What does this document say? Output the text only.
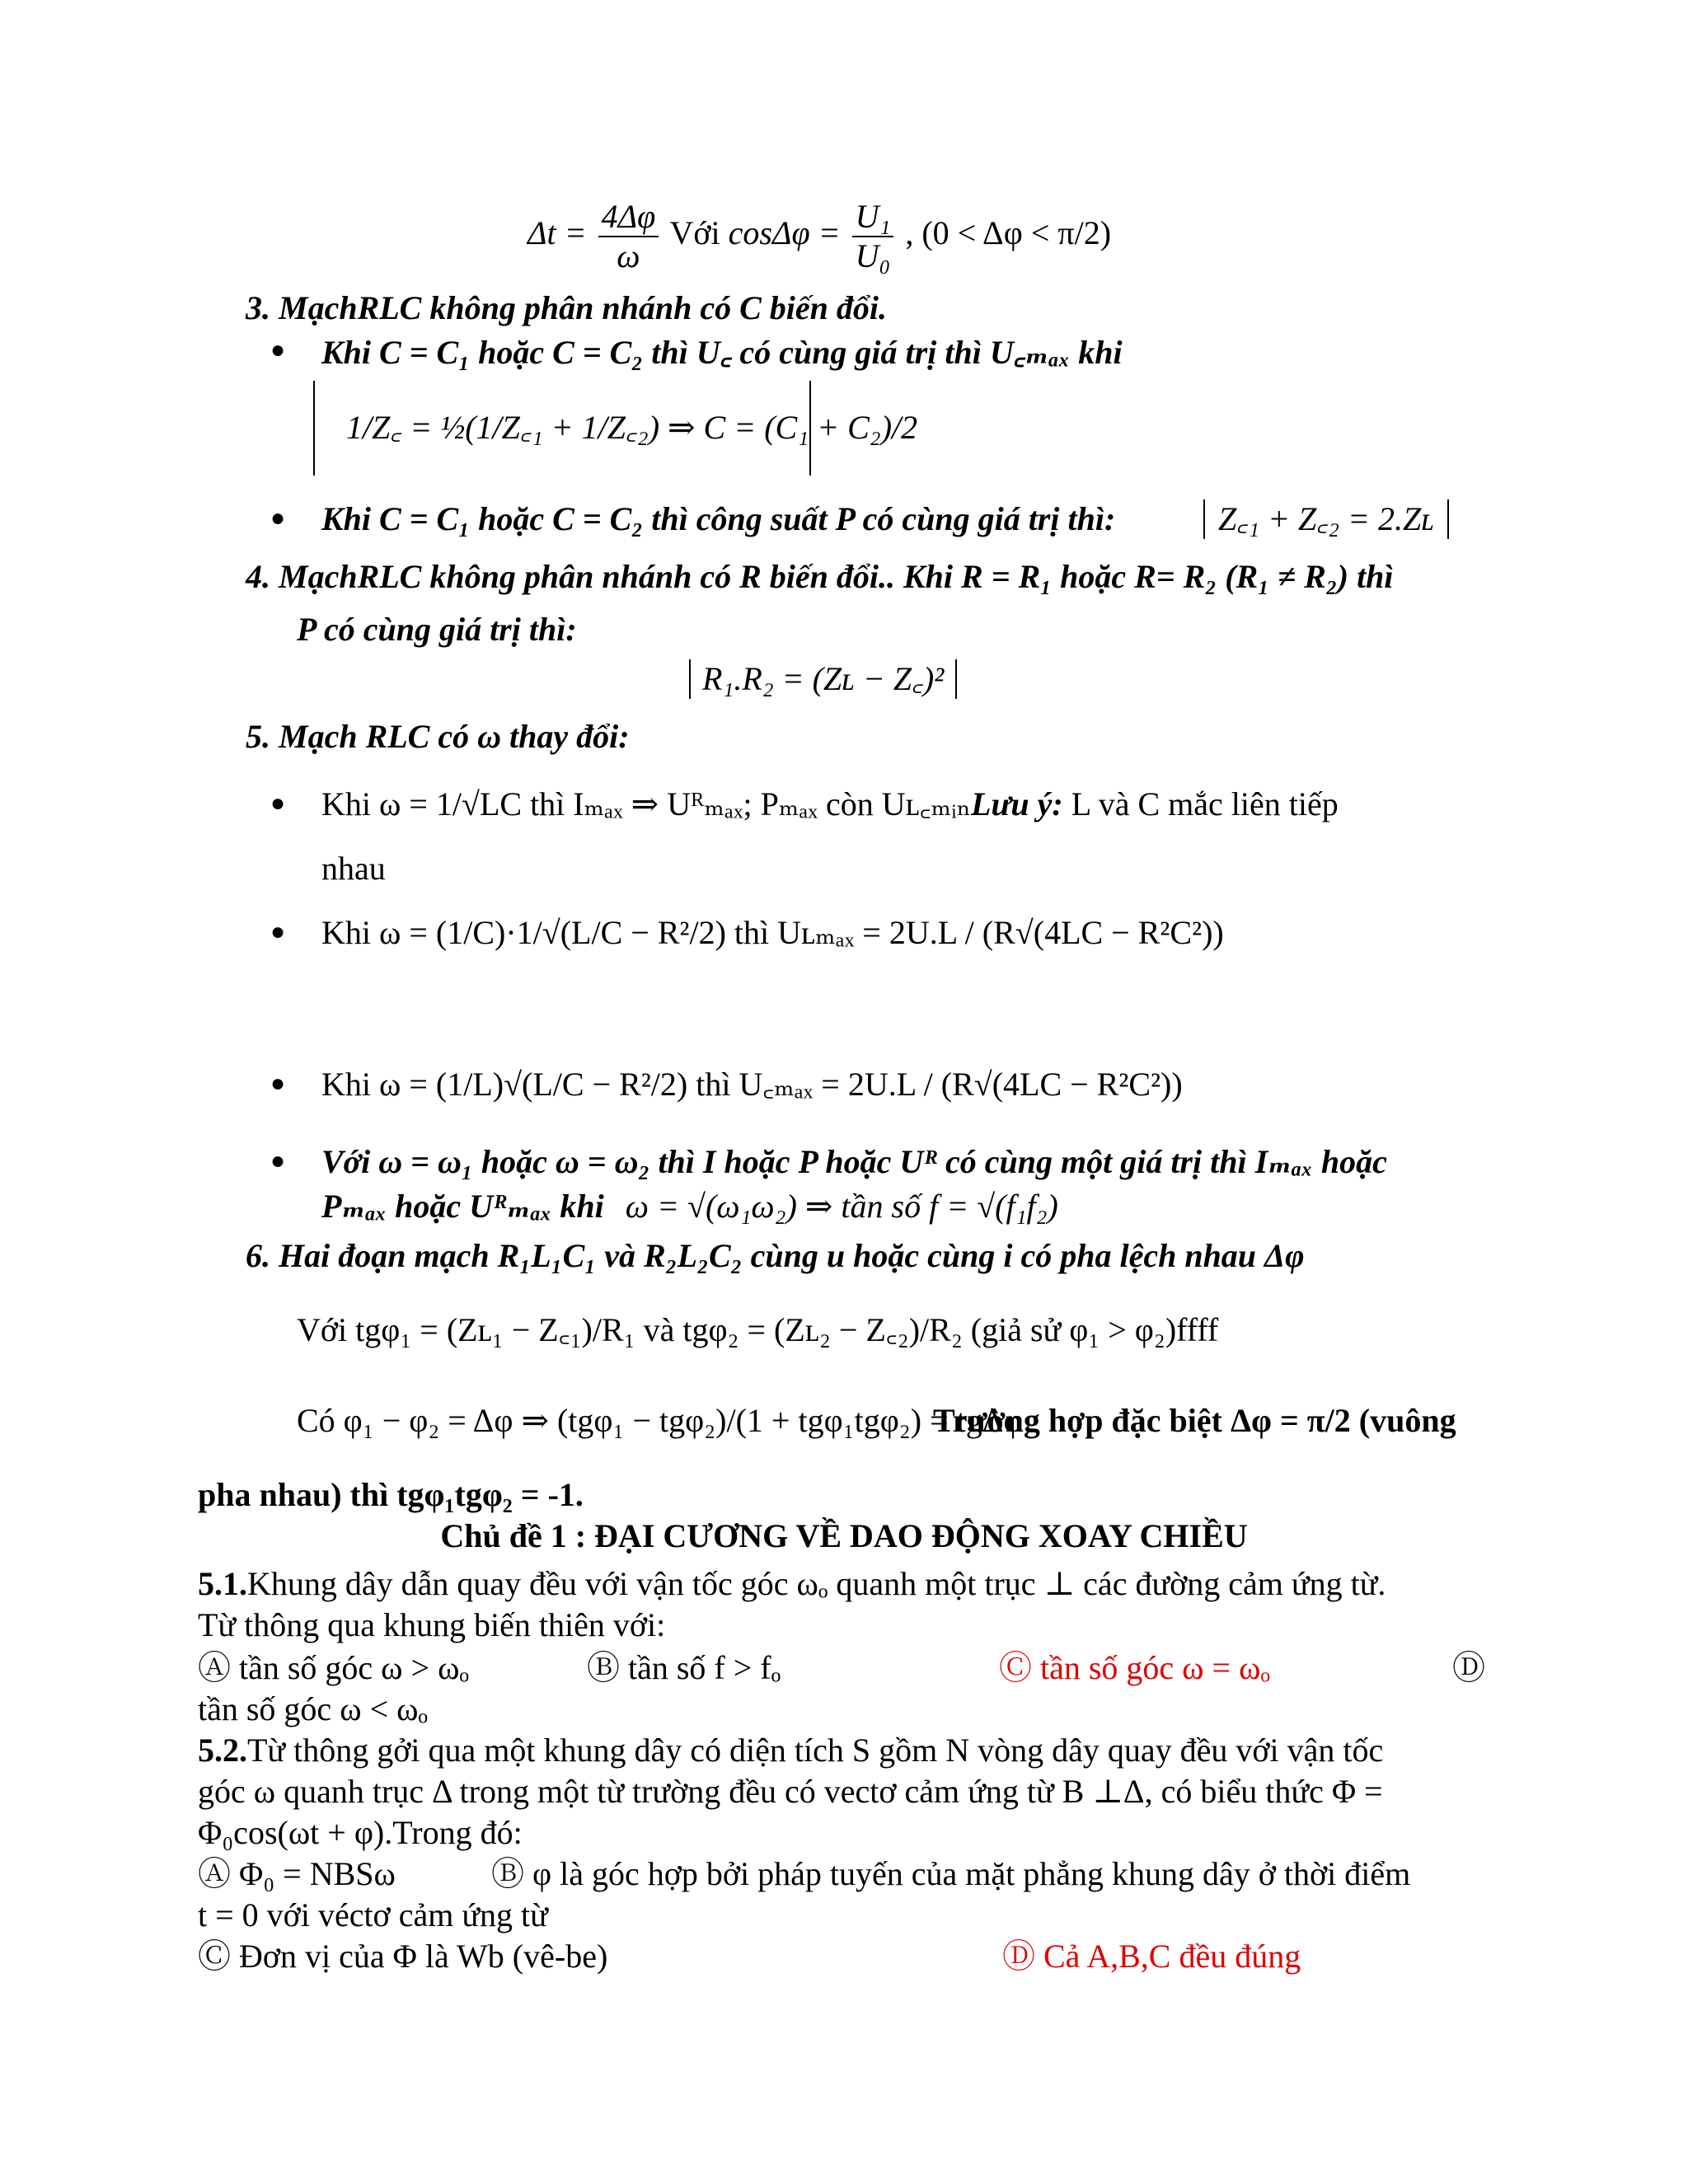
$\Delta t = \frac{4\Delta\varphi}{\omega}$ Với $\cos\Delta\varphi = \frac{\text{U₁}}{\text{U₀}}$ , (0 < Δφ < π/2)
3. MạchRLC không phân nhánh có C biến đổi.
● Khi C = C₁ hoặc C = C₂ thì U꜀ có cùng giá trị thì U꜀ₘₐₓ khi
1/Z꜀ = ½(1/Z꜀₁ + 1/Z꜀₂) ⇒ C = (C₁ + C₂)/2
● Khi C = C₁ hoặc C = C₂ thì công suất P có cùng giá trị thì:	Z꜀₁ + Z꜀₂ = 2.Zʟ
4. MạchRLC không phân nhánh có R biến đổi.. Khi R = R₁ hoặc R= R₂ (R₁ ≠ R₂) thì
P có cùng giá trị thì:
R₁.R₂ = (Zʟ − Z꜀)²
5. Mạch RLC có ω thay đổi:
● Khi ω = 1/√LC thì Iₘₐₓ ⇒ Uᴿₘₐₓ; Pₘₐₓ còn Uʟ꜀ₘᵢₙLưu ý: L và C mắc liên tiếp
nhau
● Khi ω = (1/C)·1/√(L/C − R²/2) thì Uʟₘₐₓ = 2U.L / (R√(4LC − R²C²))
● Khi ω = (1/L)√(L/C − R²/2) thì U꜀ₘₐₓ = 2U.L / (R√(4LC − R²C²))
● Với ω = ω₁ hoặc ω = ω₂ thì I hoặc P hoặc Uᴿ có cùng một giá trị thì Iₘₐₓ hoặc
Pₘₐₓ hoặc Uᴿₘₐₓ khi ω = √(ω₁ω₂) ⇒ tần số f = √(f₁f₂)
6. Hai đoạn mạch R₁L₁C₁ và R₂L₂C₂ cùng u hoặc cùng i có pha lệch nhau Δφ
Với tgφ₁ = (Zʟ₁ − Z꜀₁)/R₁ và tgφ₂ = (Zʟ₂ − Z꜀₂)/R₂ (giả sử φ₁ > φ₂)ffff
Có φ₁ − φ₂ = Δφ ⇒ (tgφ₁ − tgφ₂)/(1 + tgφ₁tgφ₂) = tgΔφ
Trường hợp đặc biệt Δφ = π/2 (vuông
pha nhau) thì tgφ₁tgφ₂ = -1.
Chủ đề 1 : ĐẠI CƯƠNG VỀ DAO ĐỘNG XOAY CHIỀU
5.1.Khung dây dẫn quay đều với vận tốc góc ωₒ quanh một trục ⊥ các đường cảm ứng từ.
Từ thông qua khung biến thiên với:
Ⓐ tần số góc ω > ωₒ	Ⓑ tần số f > fₒ	Ⓒ tần số góc ω = ωₒ	Ⓓ
tần số góc ω < ωₒ
5.2.Từ thông gởi qua một khung dây có diện tích S gồm N vòng dây quay đều với vận tốc
góc ω quanh trục Δ trong một từ trường đều có vectơ cảm ứng từ B ⊥Δ, có biểu thức Φ =
Φ₀cos(ωt + φ).Trong đó:
Ⓐ Φ₀ = NBSω	Ⓑ φ là góc hợp bởi pháp tuyến của mặt phẳng khung dây ở thời điểm
t = 0 với véctơ cảm ứng từ
Ⓒ Đơn vị của Φ là Wb (vê-be)	Ⓓ Cả A,B,C đều đúng
